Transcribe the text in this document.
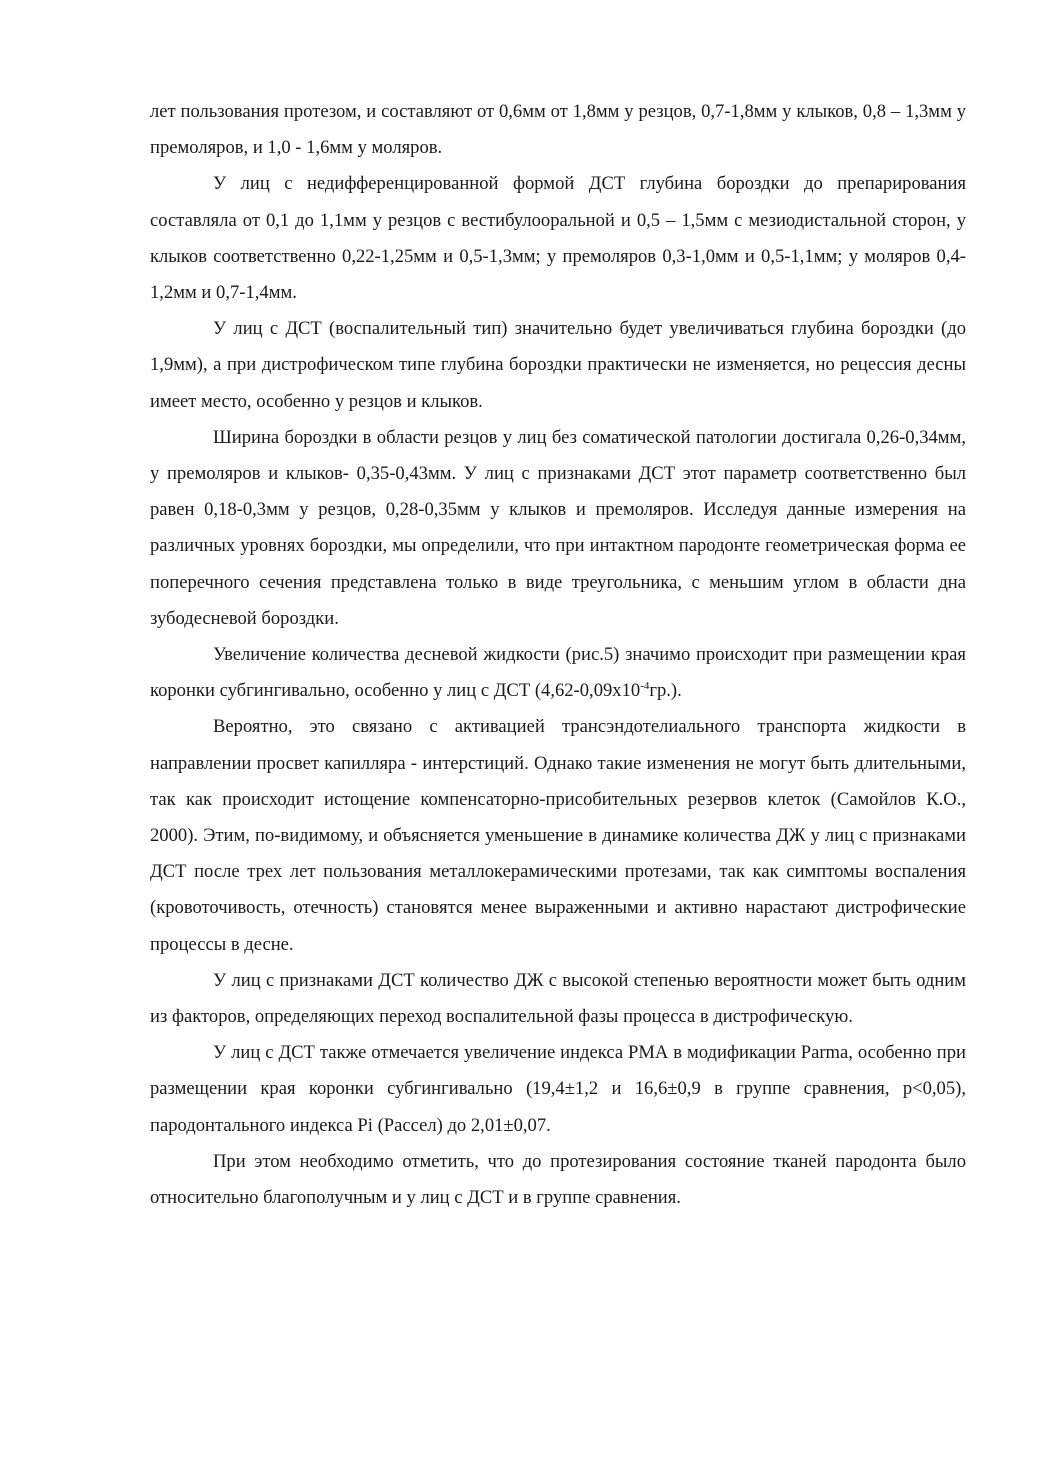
лет пользования протезом, и составляют от 0,6мм от 1,8мм у резцов, 0,7-1,8мм у клыков, 0,8 – 1,3мм у премоляров, и 1,0 - 1,6мм у моляров.

У лиц с недифференцированной формой ДСТ глубина бороздки до препарирования составляла от 0,1 до 1,1мм у резцов с вестибулооральной и 0,5 – 1,5мм с мезиодистальной сторон, у клыков соответственно 0,22-1,25мм и 0,5-1,3мм; у премоляров 0,3-1,0мм и 0,5-1,1мм; у моляров 0,4-1,2мм и 0,7-1,4мм.

У лиц с ДСТ (воспалительный тип) значительно будет увеличиваться глубина бороздки (до 1,9мм), а при дистрофическом типе глубина бороздки практически не изменяется, но рецессия десны имеет место, особенно у резцов и клыков.

Ширина бороздки в области резцов у лиц без соматической патологии достигала 0,26-0,34мм, у премоляров и клыков- 0,35-0,43мм. У лиц с признаками ДСТ этот параметр соответственно был равен 0,18-0,3мм у резцов, 0,28-0,35мм у клыков и премоляров. Исследуя данные измерения на различных уровнях бороздки, мы определили, что при интактном пародонте геометрическая форма ее поперечного сечения представлена только в виде треугольника, с меньшим углом в области дна зубодесневой бороздки.

Увеличение количества десневой жидкости (рис.5) значимо происходит при размещении края коронки субгингивально, особенно у лиц с ДСТ $(4,62-0,09х10^{-4}гр.)$.

Вероятно, это связано с активацией трансэндотелиального транспорта жидкости в направлении просвет капилляра - интерстиций. Однако такие изменения не могут быть длительными, так как происходит истощение компенсаторно-присобительных резервов клеток (Самойлов К.О., 2000). Этим, по-видимому, и объясняется уменьшение в динамике количества ДЖ у лиц с признаками ДСТ после трех лет пользования металлокерамическими протезами, так как симптомы воспаления (кровоточивость, отечность) становятся менее выраженными и активно нарастают дистрофические процессы в десне.

У лиц с признаками ДСТ количество ДЖ с высокой степенью вероятности может быть одним из факторов, определяющих переход воспалительной фазы процесса в дистрофическую.

У лиц с ДСТ также отмечается увеличение индекса РМА в модификации Parma, особенно при размещении края коронки субгингивально (19,4±1,2 и 16,6±0,9 в группе сравнения, p<0,05), пародонтального индекса Pi (Рассел) до 2,01±0,07.

При этом необходимо отметить, что до протезирования состояние тканей пародонта было относительно благополучным и у лиц с ДСТ и в группе сравнения.
